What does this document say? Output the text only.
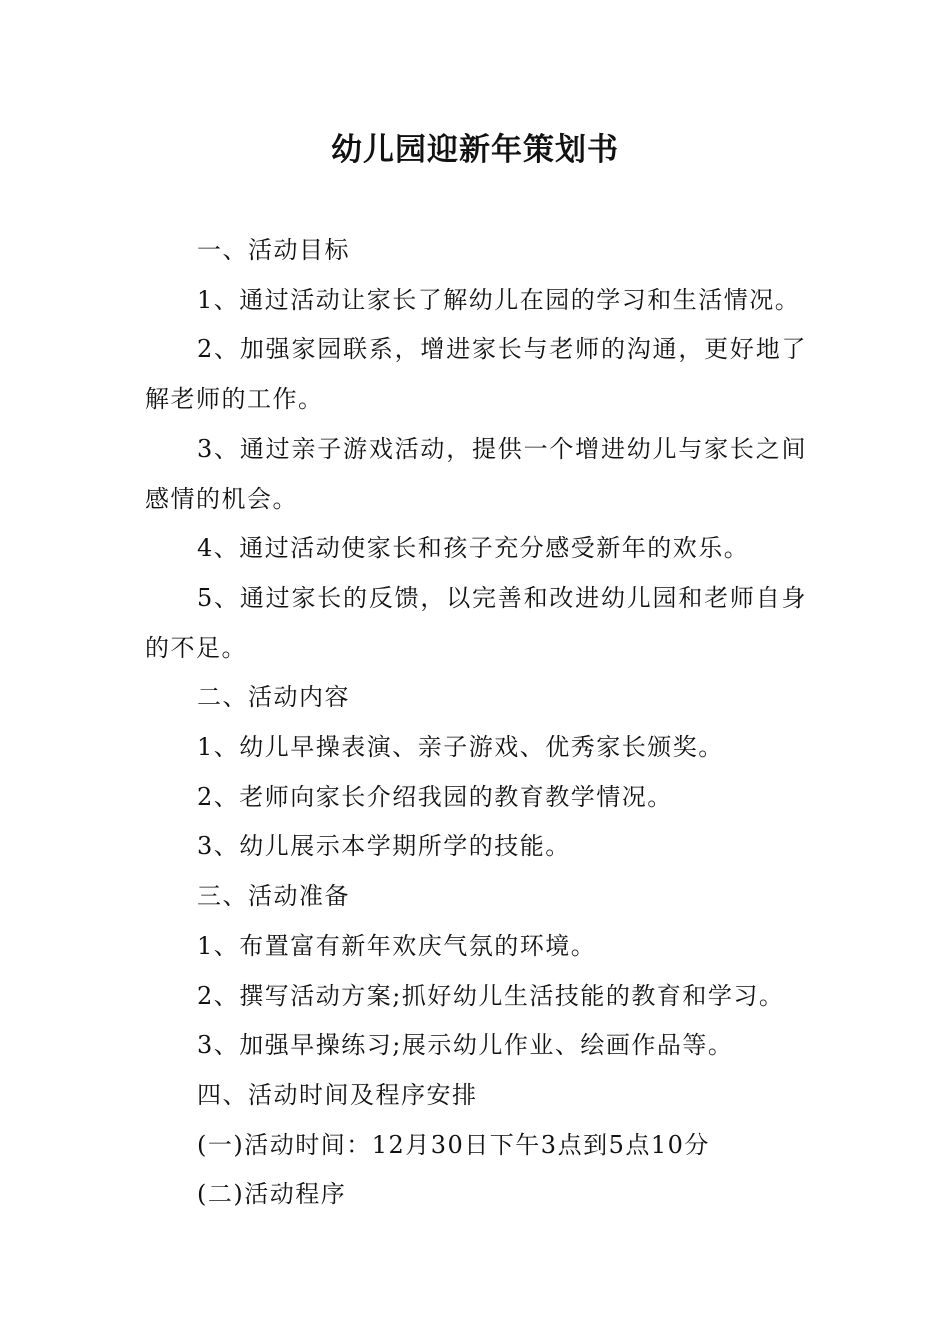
幼儿园迎新年策划书

一、活动目标

1、通过活动让家长了解幼儿在园的学习和生活情况。

2、加强家园联系，增进家长与老师的沟通，更好地了解老师的工作。

3、通过亲子游戏活动，提供一个增进幼儿与家长之间感情的机会。

4、通过活动使家长和孩子充分感受新年的欢乐。

5、通过家长的反馈，以完善和改进幼儿园和老师自身的不足。

二、活动内容

1、幼儿早操表演、亲子游戏、优秀家长颁奖。

2、老师向家长介绍我园的教育教学情况。

3、幼儿展示本学期所学的技能。

三、活动准备

1、布置富有新年欢庆气氛的环境。

2、撰写活动方案;抓好幼儿生活技能的教育和学习。

3、加强早操练习;展示幼儿作业、绘画作品等。

四、活动时间及程序安排

(一)活动时间：12月30日下午3点到5点10分

(二)活动程序
